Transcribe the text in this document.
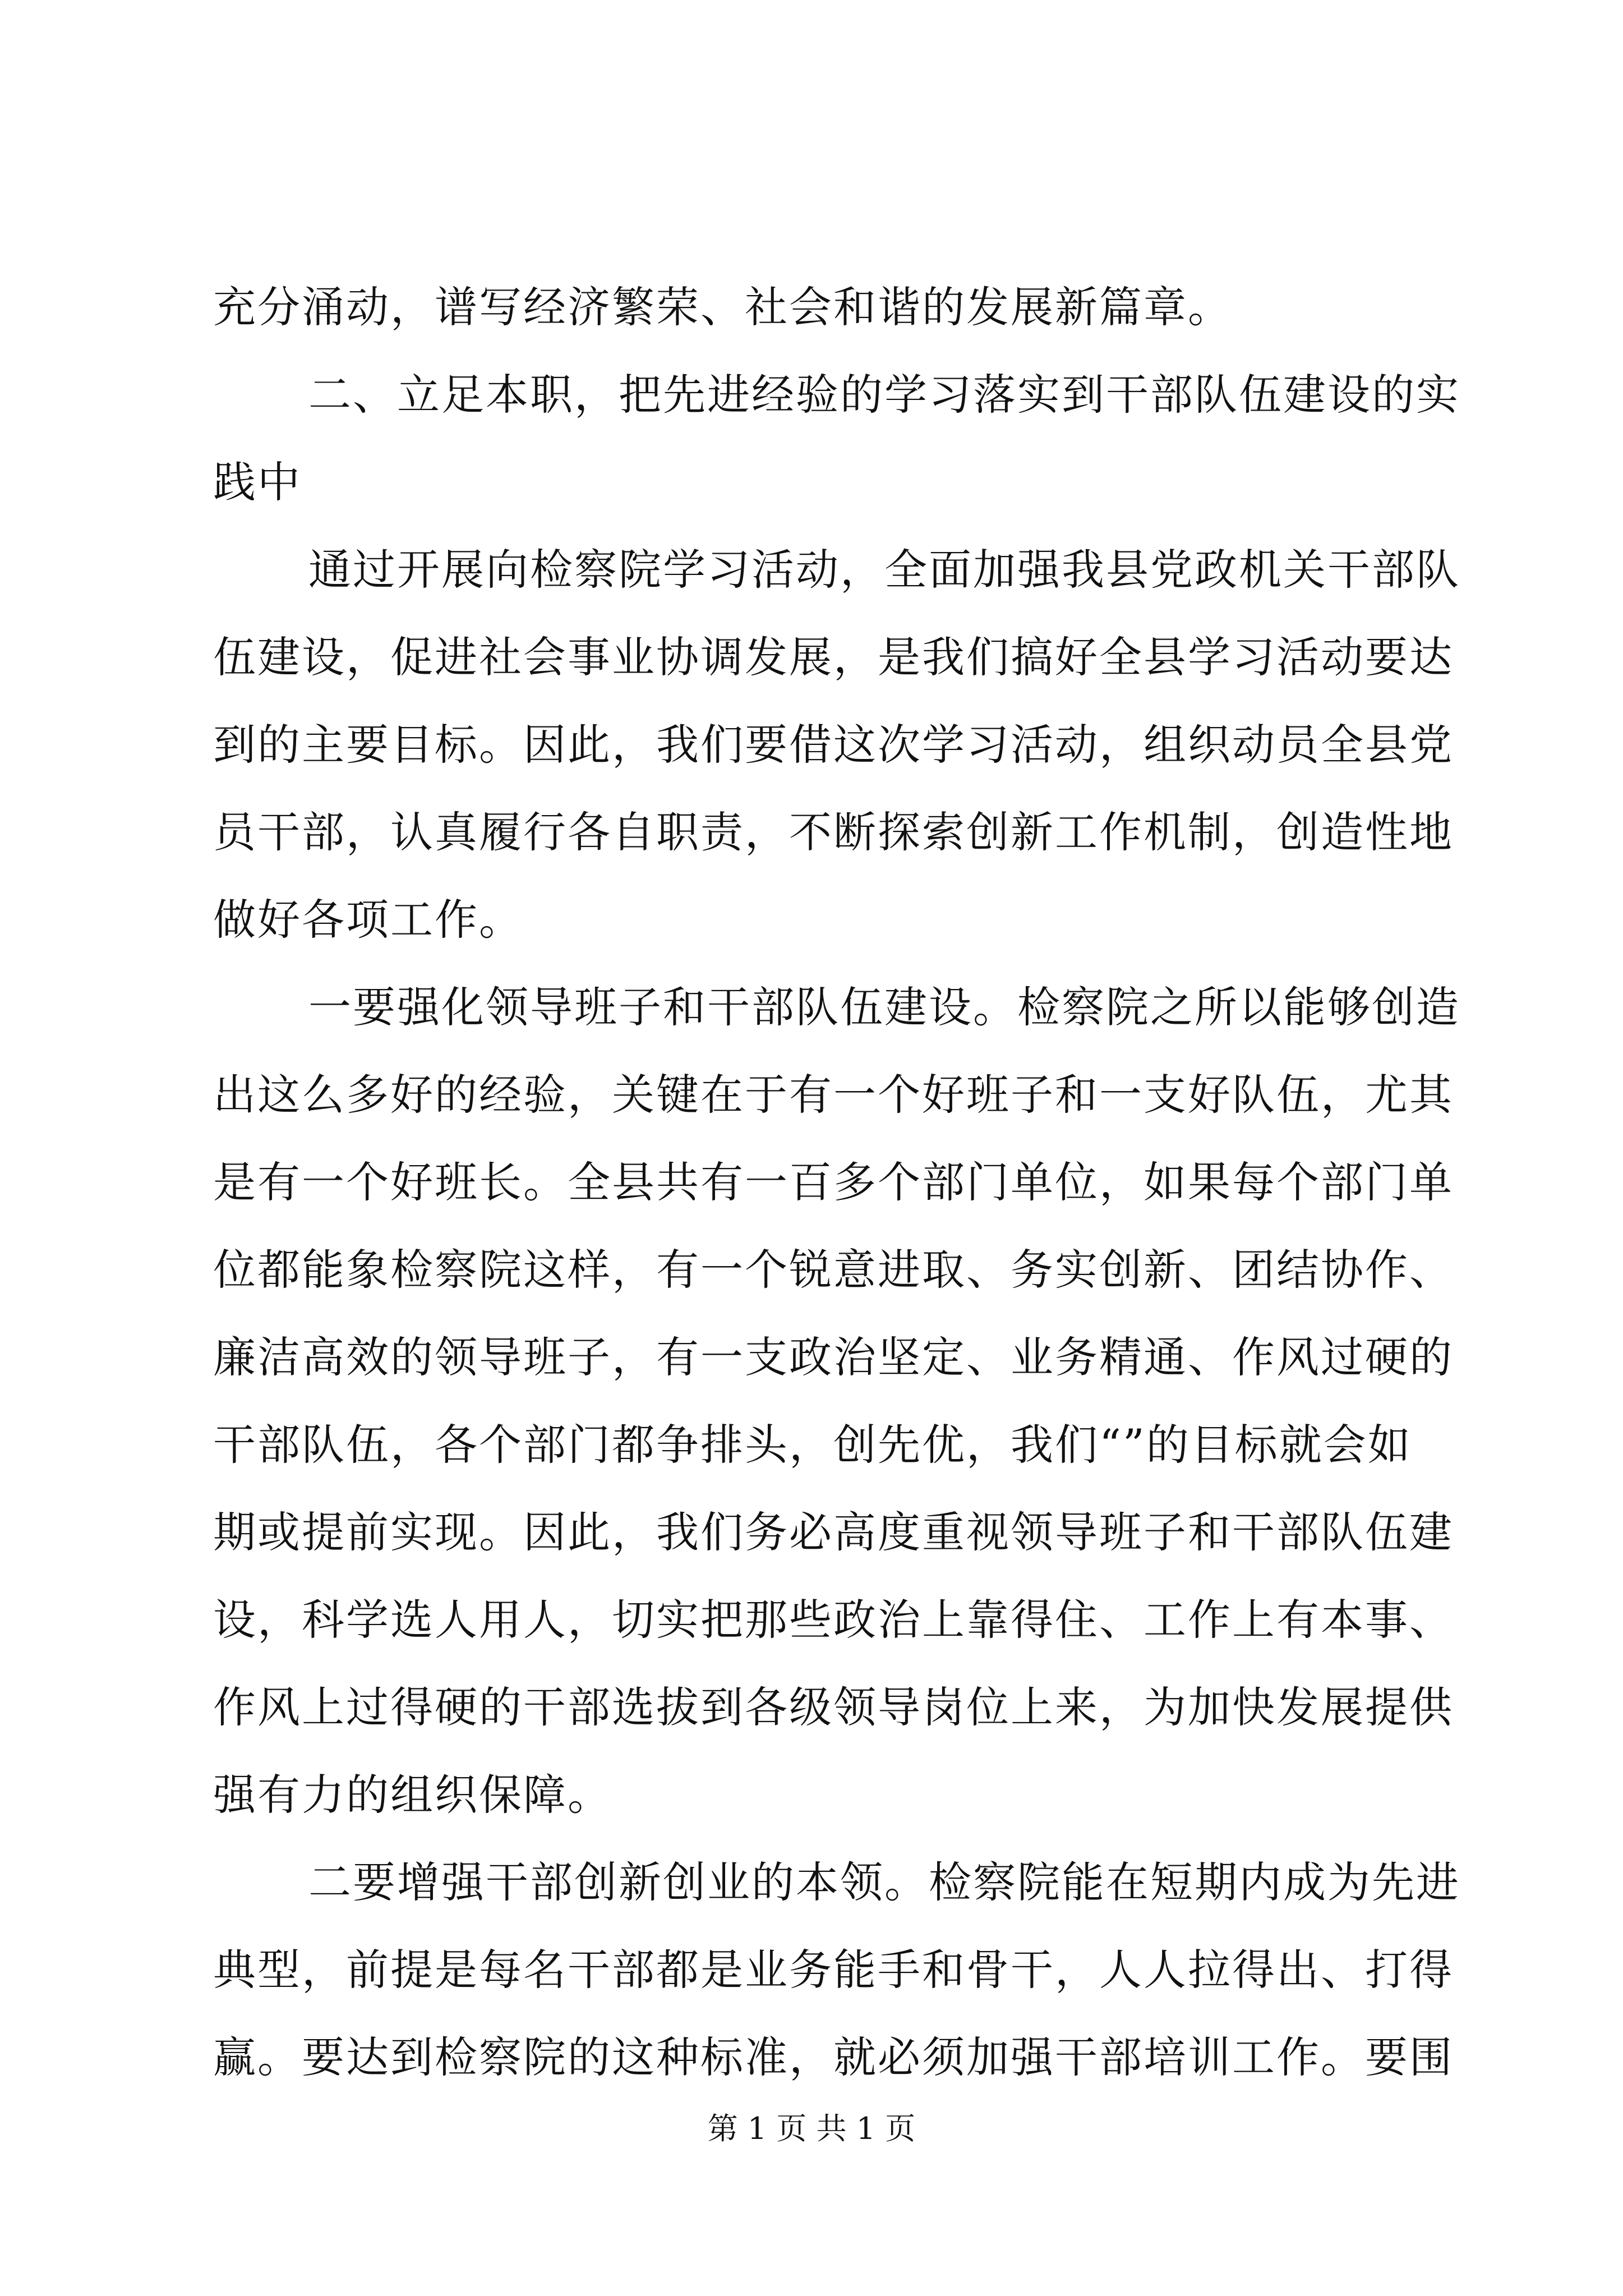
充分涌动，谱写经济繁荣、社会和谐的发展新篇章。
二、立足本职，把先进经验的学习落实到干部队伍建设的实
践中
通过开展向检察院学习活动，全面加强我县党政机关干部队
伍建设，促进社会事业协调发展，是我们搞好全县学习活动要达
到的主要目标。因此，我们要借这次学习活动，组织动员全县党
员干部，认真履行各自职责，不断探索创新工作机制，创造性地
做好各项工作。
一要强化领导班子和干部队伍建设。检察院之所以能够创造
出这么多好的经验，关键在于有一个好班子和一支好队伍，尤其
是有一个好班长。全县共有一百多个部门单位，如果每个部门单
位都能象检察院这样，有一个锐意进取、务实创新、团结协作、
廉洁高效的领导班子，有一支政治坚定、业务精通、作风过硬的
干部队伍，各个部门都争排头，创先优，我们“”的目标就会如
期或提前实现。因此，我们务必高度重视领导班子和干部队伍建
设，科学选人用人，切实把那些政治上靠得住、工作上有本事、
作风上过得硬的干部选拔到各级领导岗位上来，为加快发展提供
强有力的组织保障。
二要增强干部创新创业的本领。检察院能在短期内成为先进
典型，前提是每名干部都是业务能手和骨干，人人拉得出、打得
赢。要达到检察院的这种标准，就必须加强干部培训工作。要围
第 1 页 共 1 页
